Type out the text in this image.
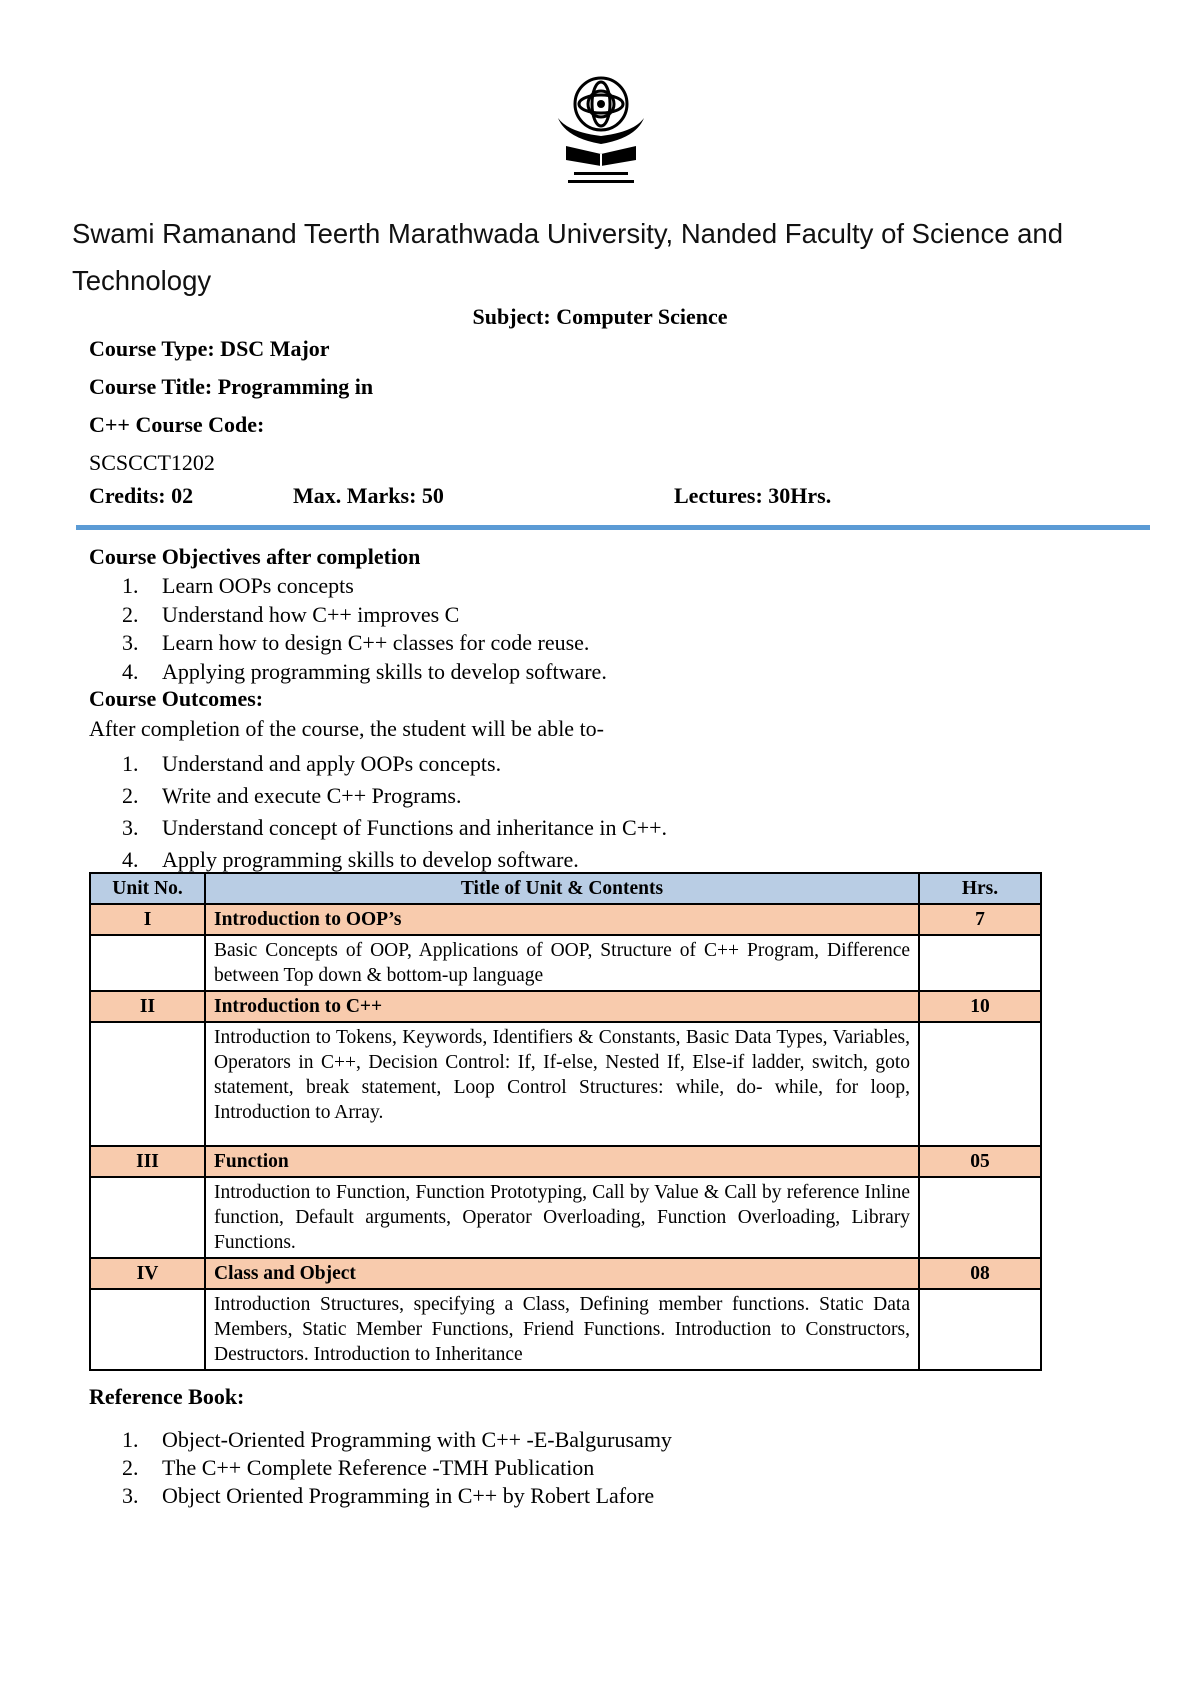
Swami Ramanand Teerth Marathwada University, Nanded Faculty of Science and Technology
Subject: Computer Science
Course Type: DSC Major
Course Title: Programming in
C++ Course Code:
SCSCCT1202
Credits: 02	Max. Marks: 50	Lectures: 30Hrs.
Course Objectives after completion
1. Learn OOPs concepts
2. Understand how C++ improves C
3. Learn how to design C++ classes for code reuse.
4. Applying programming skills to develop software.
Course Outcomes:
After completion of the course, the student will be able to-
1. Understand and apply OOPs concepts.
2. Write and execute C++ Programs.
3. Understand concept of Functions and inheritance in C++.
4. Apply programming skills to develop software.
Unit No.	Title of Unit & Contents	Hrs.
I	Introduction to OOP’s	7
	Basic Concepts of OOP, Applications of OOP, Structure of C++ Program, Difference between Top down & bottom-up language	
II	Introduction to C++	10
	Introduction to Tokens, Keywords, Identifiers & Constants, Basic Data Types, Variables, Operators in C++, Decision Control: If, If-else, Nested If, Else-if ladder, switch, goto statement, break statement, Loop Control Structures: while, do- while, for loop, Introduction to Array.	
III	Function	05
	Introduction to Function, Function Prototyping, Call by Value & Call by reference Inline function, Default arguments, Operator Overloading, Function Overloading, Library Functions.	
IV	Class and Object	08
	Introduction Structures, specifying a Class, Defining member functions. Static Data Members, Static Member Functions, Friend Functions. Introduction to Constructors, Destructors. Introduction to Inheritance	
Reference Book:
1. Object-Oriented Programming with C++ -E-Balgurusamy
2. The C++ Complete Reference -TMH Publication
3. Object Oriented Programming in C++ by Robert Lafore
